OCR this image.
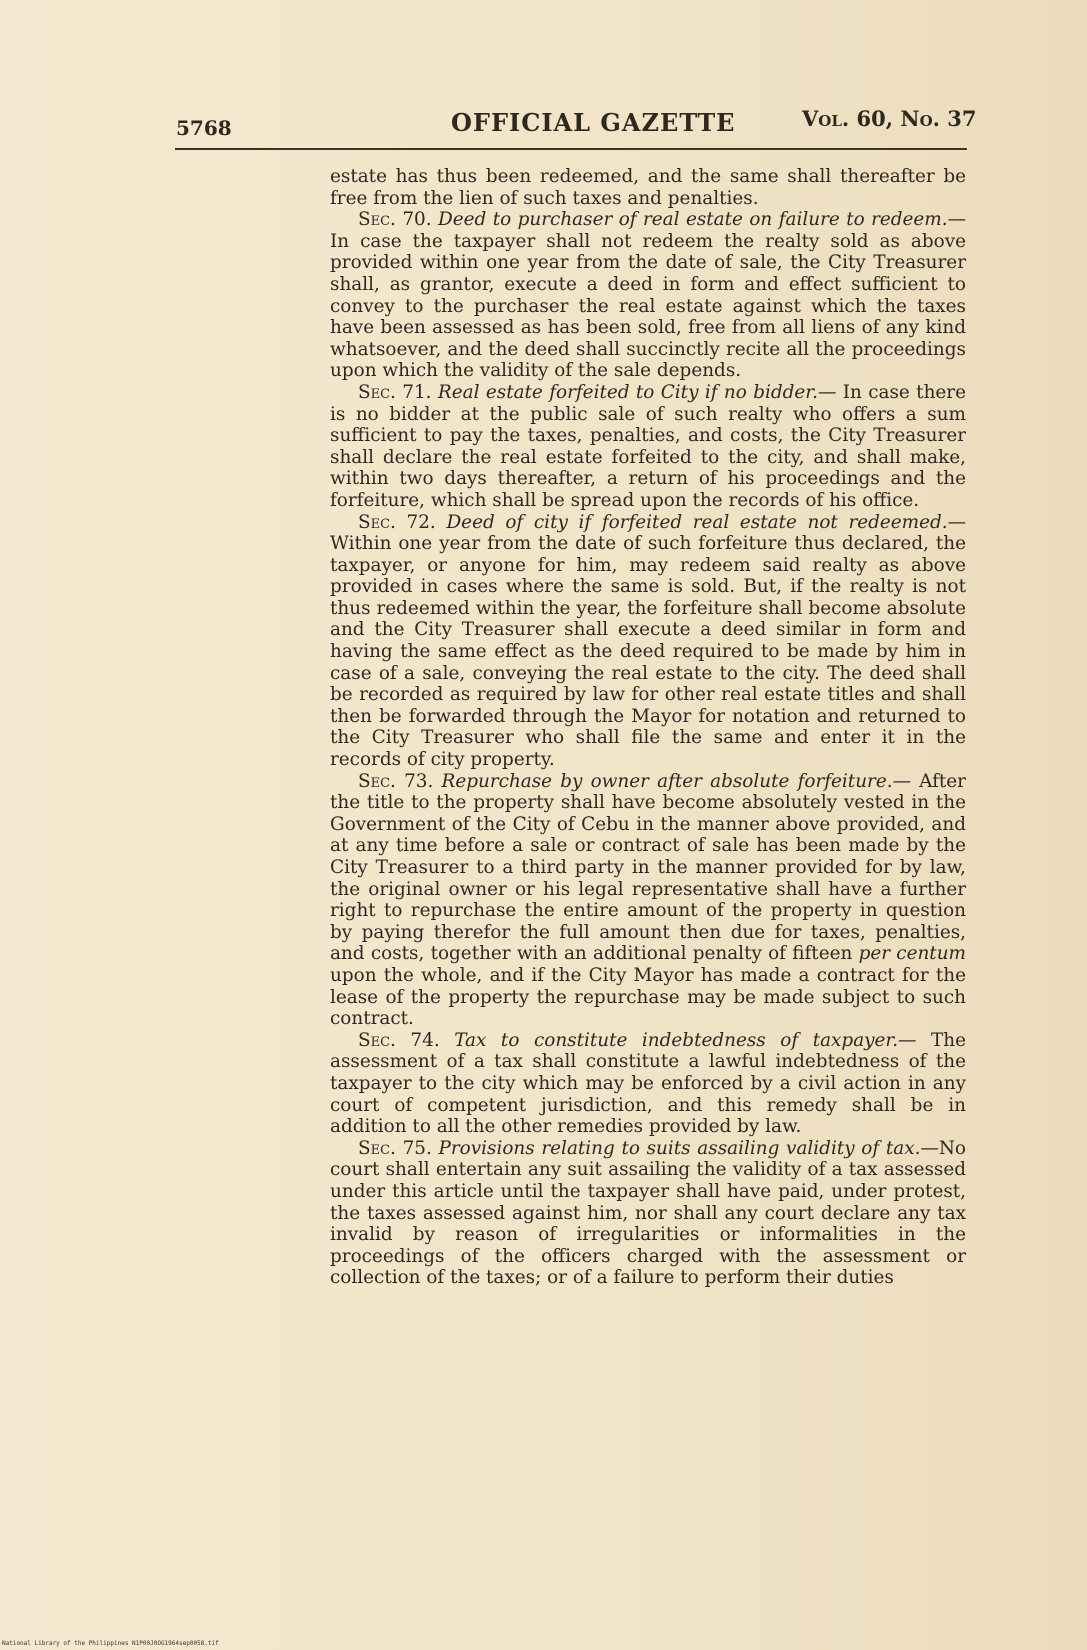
5768	OFFICIAL GAZETTE	Vol. 60, No. 37

estate has thus been redeemed, and the same shall thereafter be free from the lien of such taxes and penalties.

Sec. 70. Deed to purchaser of real estate on failure to redeem.—In case the taxpayer shall not redeem the realty sold as above provided within one year from the date of sale, the City Treasurer shall, as grantor, execute a deed in form and effect sufficient to convey to the purchaser the real estate against which the taxes have been assessed as has been sold, free from all liens of any kind whatsoever, and the deed shall succinctly recite all the proceedings upon which the validity of the sale depends.

Sec. 71. Real estate forfeited to City if no bidder.— In case there is no bidder at the public sale of such realty who offers a sum sufficient to pay the taxes, penalties, and costs, the City Treasurer shall declare the real estate forfeited to the city, and shall make, within two days thereafter, a return of his proceedings and the forfeiture, which shall be spread upon the records of his office.

Sec. 72. Deed of city if forfeited real estate not redeemed.—Within one year from the date of such forfeiture thus declared, the taxpayer, or anyone for him, may redeem said realty as above provided in cases where the same is sold. But, if the realty is not thus redeemed within the year, the forfeiture shall become absolute and the City Treasurer shall execute a deed similar in form and having the same effect as the deed required to be made by him in case of a sale, conveying the real estate to the city. The deed shall be recorded as required by law for other real estate titles and shall then be forwarded through the Mayor for notation and returned to the City Treasurer who shall file the same and enter it in the records of city property.

Sec. 73. Repurchase by owner after absolute forfeiture.— After the title to the property shall have become absolutely vested in the Government of the City of Cebu in the manner above provided, and at any time before a sale or contract of sale has been made by the City Treasurer to a third party in the manner provided for by law, the original owner or his legal representative shall have a further right to repurchase the entire amount of the property in question by paying therefor the full amount then due for taxes, penalties, and costs, together with an additional penalty of fifteen per centum upon the whole, and if the City Mayor has made a contract for the lease of the property the repurchase may be made subject to such contract.

Sec. 74. Tax to constitute indebtedness of taxpayer.— The assessment of a tax shall constitute a lawful indebtedness of the taxpayer to the city which may be enforced by a civil action in any court of competent jurisdiction, and this remedy shall be in addition to all the other remedies provided by law.

Sec. 75. Provisions relating to suits assailing validity of tax.—No court shall entertain any suit assailing the validity of a tax assessed under this article until the taxpayer shall have paid, under protest, the taxes assessed against him, nor shall any court declare any tax invalid by reason of irregularities or informalities in the proceedings of the officers charged with the assessment or collection of the taxes; or of a failure to perform their duties

National Library of the Philippines N1P00J0OG1964sep0058.tif
